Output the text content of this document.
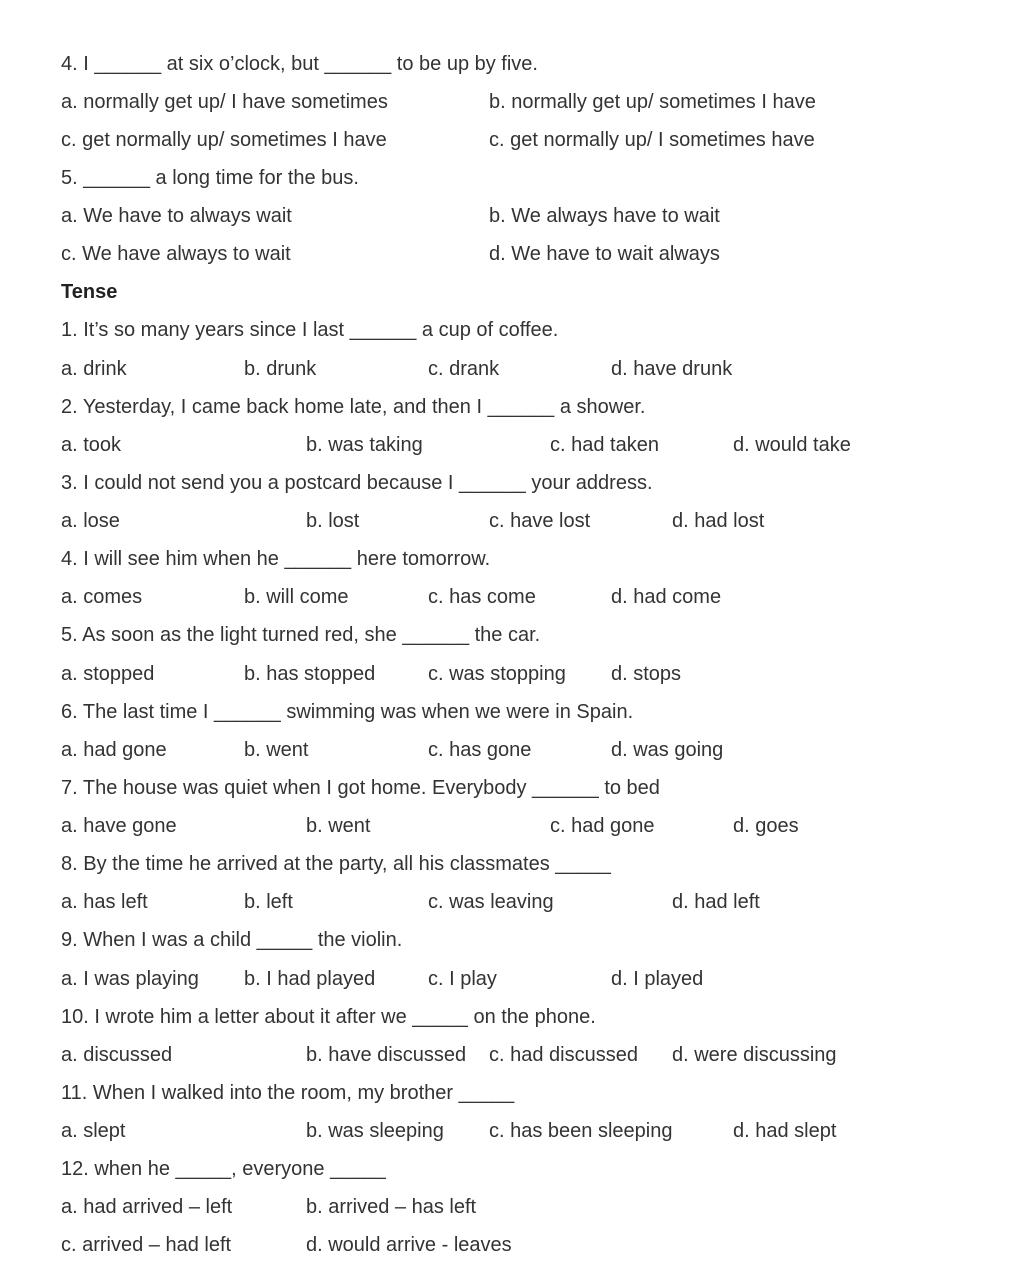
4. I ______ at six o’clock, but ______ to be up by five.
a. normally get up/ I have sometimes	b. normally get up/ sometimes I have
c. get normally up/ sometimes I have	c. get normally up/ I sometimes have
5. ______ a long time for the bus.
a. We have to always wait	b. We always have to wait
c. We have always to wait	d. We have to wait always
Tense
1. It’s so many years since I last ______ a cup of coffee.
a. drink	b. drunk	c. drank	d. have drunk
2. Yesterday, I came back home late, and then I ______ a shower.
a. took	b. was taking	c. had taken	d. would take
3. I could not send you a postcard because I ______ your address.
a. lose	b. lost	c. have lost	d. had lost
4. I will see him when he ______ here tomorrow.
a. comes	b. will come	c. has come	d. had come
5. As soon as the light turned red, she ______ the car.
a. stopped	b. has stopped	c. was stopping d. stops
6. The last time I ______ swimming was when we were in Spain.
a. had gone	b. went	c. has gone	d. was going
7. The house was quiet when I got home. Everybody ______ to bed
a. have gone	b. went	c. had gone	d. goes
8. By the time he arrived at the party, all his classmates _____
a. has left	b. left	c. was leaving	d. had left
9. When I was a child _____ the violin.
a. I was playing b. I had played	c. I play	d. I played
10. I wrote him a letter about it after we _____ on the phone.
a. discussed	b. have discussed c. had discussed d. were discussing
11. When I walked into the room, my brother _____
a. slept	b. was sleeping c. has been sleeping	d. had slept
12. when he _____, everyone _____
a. had arrived – left	b. arrived – has left
c. arrived – had left	d. would arrive - leaves
